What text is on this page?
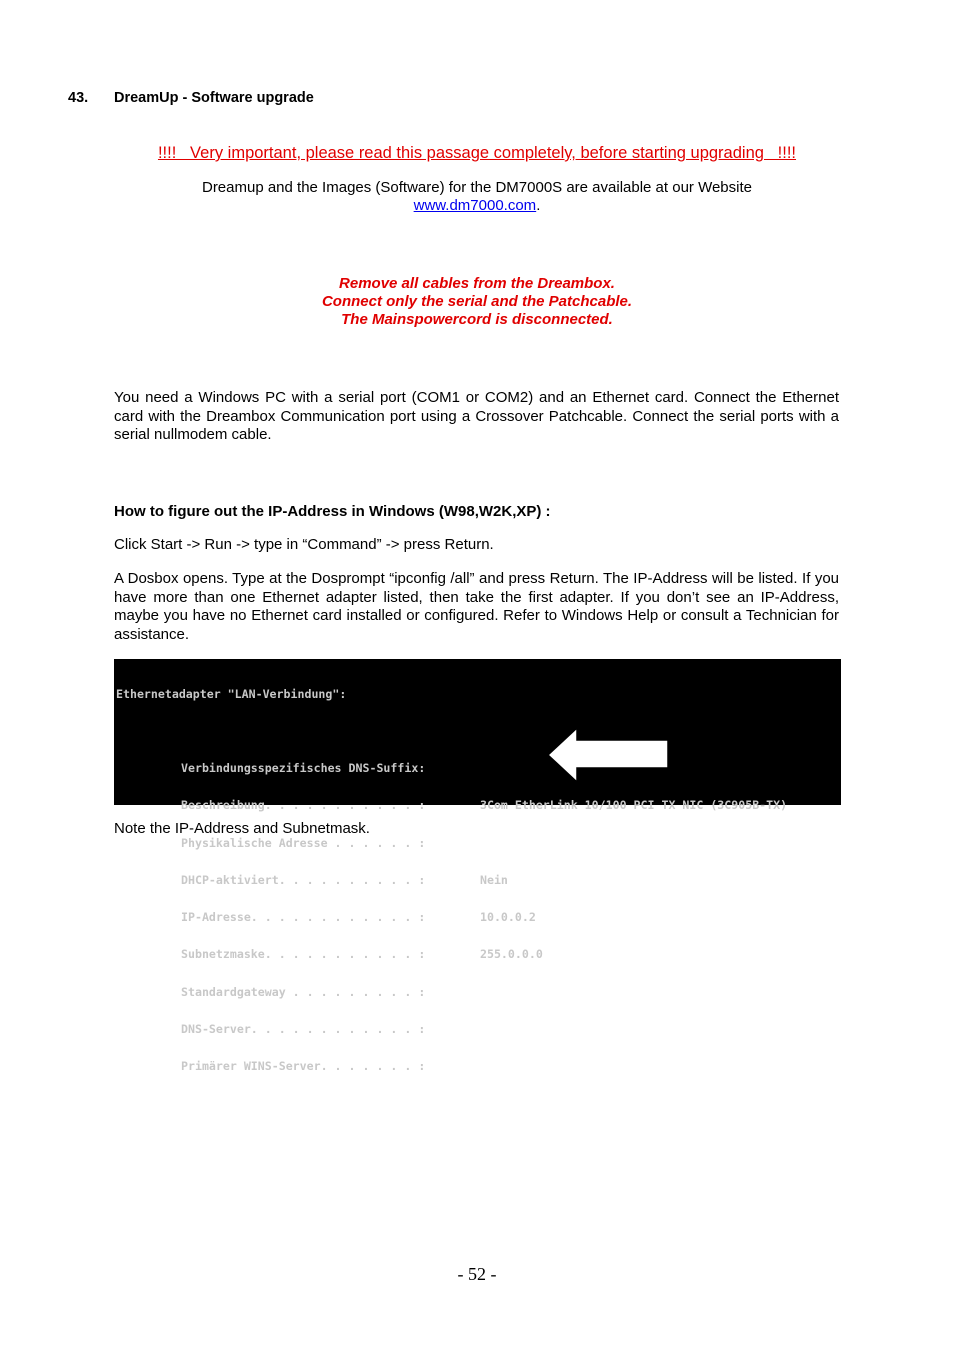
43. DreamUp - Software upgrade
!!!!   Very important, please read this passage completely, before starting upgrading   !!!!
Dreamup and the Images (Software) for the DM7000S are available at our Website
www.dm7000.com.
Remove all cables from the Dreambox.
Connect only the serial and the Patchcable.
The Mainspowercord is disconnected.
You need a Windows PC with a serial port (COM1 or COM2) and an Ethernet card. Connect the Ethernet card with the Dreambox Communication port using a Crossover Patchcable. Connect the serial ports with a serial nullmodem cable.
How to figure out the IP-Address in Windows (W98,W2K,XP) :
Click Start -> Run -> type in “Command” -> press Return.
A Dosbox opens. Type at the Dosprompt “ipconfig /all” and press Return. The IP-Address will be listed. If you have more than one Ethernet adapter listed, then take the first adapter. If you don’t see an IP-Address, maybe you have no Ethernet card installed or configured. Refer to Windows Help or consult a Technician for assistance.

Ethernetadapter "LAN-Verbindung":

Verbindungsspezifisches DNS-Suffix:

Beschreibung. . . . . . . . . . . :	3Com EtherLink 10/100 PCI TX NIC (3C905B-TX)

Physikalische Adresse . . . . . . :

DHCP-aktiviert. . . . . . . . . . :	Nein

IP-Adresse. . . . . . . . . . . . :	10.0.0.2

Subnetzmaske. . . . . . . . . . . :	255.0.0.0

Standardgateway . . . . . . . . . :

DNS-Server. . . . . . . . . . . . :

Primärer WINS-Server. . . . . . . :

Note the IP-Address and Subnetmask.
- 52 -
